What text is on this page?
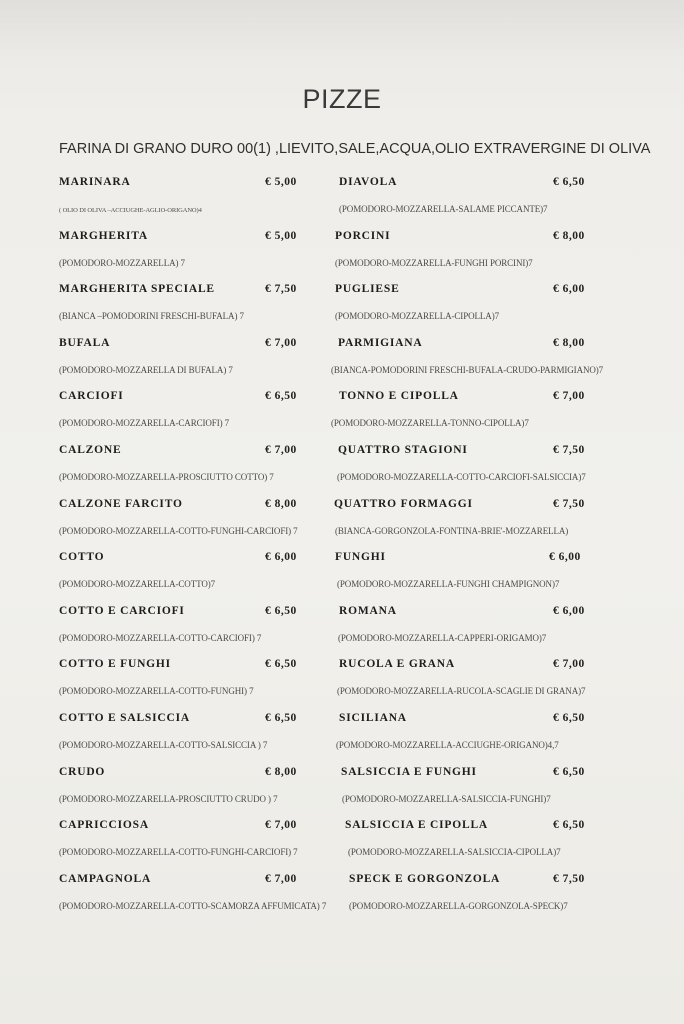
PIZZE
FARINA DI GRANO DURO 00(1) ,LIEVITO,SALE,ACQUA,OLIO EXTRAVERGINE DI OLIVA
MARINARA	€ 5,00
( OLIO DI OLIVA –ACCIUGHE-AGLIO-ORIGANO)4
MARGHERITA	€ 5,00
(POMODORO-MOZZARELLA) 7
MARGHERITA SPECIALE	€ 7,50
(BIANCA –POMODORINI FRESCHI-BUFALA) 7
BUFALA	€ 7,00
(POMODORO-MOZZARELLA DI BUFALA) 7
CARCIOFI	€ 6,50
(POMODORO-MOZZARELLA-CARCIOFI) 7
CALZONE	€ 7,00
(POMODORO-MOZZARELLA-PROSCIUTTO COTTO) 7
CALZONE FARCITO	€ 8,00
(POMODORO-MOZZARELLA-COTTO-FUNGHI-CARCIOFI) 7
COTTO	€ 6,00
(POMODORO-MOZZARELLA-COTTO)7
COTTO E CARCIOFI	€ 6,50
(POMODORO-MOZZARELLA-COTTO-CARCIOFI) 7
COTTO E FUNGHI	€ 6,50
(POMODORO-MOZZARELLA-COTTO-FUNGHI) 7
COTTO E SALSICCIA	€ 6,50
(POMODORO-MOZZARELLA-COTTO-SALSICCIA ) 7
CRUDO	€ 8,00
(POMODORO-MOZZARELLA-PROSCIUTTO CRUDO ) 7
CAPRICCIOSA	€ 7,00
(POMODORO-MOZZARELLA-COTTO-FUNGHI-CARCIOFI) 7
CAMPAGNOLA	€ 7,00
(POMODORO-MOZZARELLA-COTTO-SCAMORZA AFFUMICATA) 7
DIAVOLA	€ 6,50
(POMODORO-MOZZARELLA-SALAME PICCANTE)7
PORCINI	€ 8,00
(POMODORO-MOZZARELLA-FUNGHI PORCINI)7
PUGLIESE	€ 6,00
(POMODORO-MOZZARELLA-CIPOLLA)7
PARMIGIANA	€ 8,00
(BIANCA-POMODORINI FRESCHI-BUFALA-CRUDO-PARMIGIANO)7
TONNO E CIPOLLA	€ 7,00
(POMODORO-MOZZARELLA-TONNO-CIPOLLA)7
QUATTRO STAGIONI	€ 7,50
(POMODORO-MOZZARELLA-COTTO-CARCIOFI-SALSICCIA)7
QUATTRO FORMAGGI	€ 7,50
(BIANCA-GORGONZOLA-FONTINA-BRIE'-MOZZARELLA)
FUNGHI	€ 6,00
(POMODORO-MOZZARELLA-FUNGHI CHAMPIGNON)7
ROMANA	€ 6,00
(POMODORO-MOZZARELLA-CAPPERI-ORIGAMO)7
RUCOLA E GRANA	€ 7,00
(POMODORO-MOZZARELLA-RUCOLA-SCAGLIE DI GRANA)7
SICILIANA	€ 6,50
(POMODORO-MOZZARELLA-ACCIUGHE-ORIGANO)4,7
SALSICCIA E FUNGHI	€ 6,50
(POMODORO-MOZZARELLA-SALSICCIA-FUNGHI)7
SALSICCIA E CIPOLLA	€ 6,50
(POMODORO-MOZZARELLA-SALSICCIA-CIPOLLA)7
SPECK E GORGONZOLA	€ 7,50
(POMODORO-MOZZARELLA-GORGONZOLA-SPECK)7
